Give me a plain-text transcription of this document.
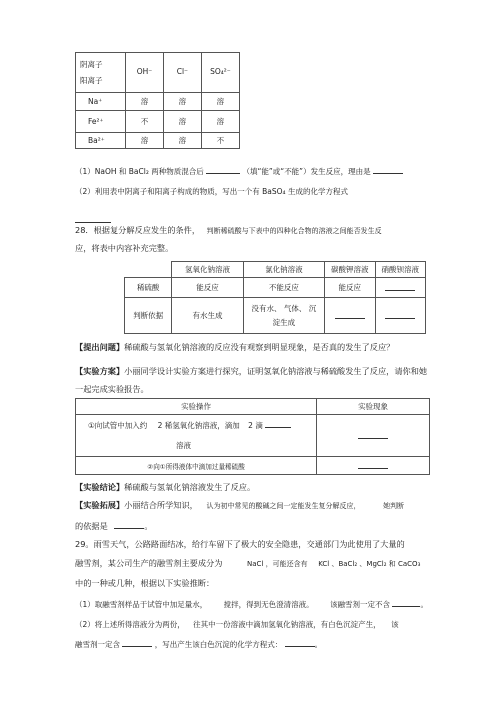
阴离子
阳离子	OH⁻	Cl⁻	SO₄²⁻
Na⁺	溶	溶	溶
Fe²⁺	不	溶	溶
Ba²⁺	溶	溶	不
（1）NaOH 和 BaCl₂ 两种物质混合后	（填“能”或“不能”）发生反应，理由是
（2）利用表中阴离子和阳离子构成的物质，写出一个有 BaSO₄ 生成的化学方程式
28．根据复分解反应发生的条件， 判断稀硫酸与下表中的四种化合物的溶液之间能否发生反
应，将表中内容补充完整。
	氢氧化钠溶液	氯化钠溶液	碳酸钾溶液	硝酸钡溶液
稀硫酸	能反应	不能反应	能反应	
判断依据	有水生成	没有水、 气体、 沉淀生成		
【提出问题】稀硫酸与氢氧化钠溶液的反应没有观察到明显现象，是否真的发生了反应？
【实验方案】小丽同学设计实验方案进行探究，证明氢氧化钠溶液与稀硫酸发生了反应，请你和她
一起完成实验报告。
实验操作	实验现象
①向试管中加入约 2 稀氢氧化钠溶液，滴加 2 滴
溶液	
②向①所得液体中滴加过量稀硫酸	
【实验结论】稀硫酸与氢氧化钠溶液发生了反应。
【实验拓展】小丽结合所学知识， 认为初中常见的酸碱之间一定能发生复分解反应，	她判断
的依据是	。
29。雨雪天气，公路路面结冰，给行车留下了极大的安全隐患，交通部门为此使用了大量的
融雪剂，某公司生产的融雪剂主要成分为	NaCl ，可能还含有 KCl 、BaCl₂ 、MgCl₂ 和 CaCO₃
中的一种或几种，根据以下实验推断：
（1）取融雪剂样品于试管中加足量水， 搅拌，得到无色澄清溶液。 该融雪剂一定不含	。
（2）将上述所得溶液分为两份， 往其中一份溶液中滴加氢氧化钠溶液，有白色沉淀产生， 该
融雪剂一定含	，写出产生该白色沉淀的化学方程式：	。
